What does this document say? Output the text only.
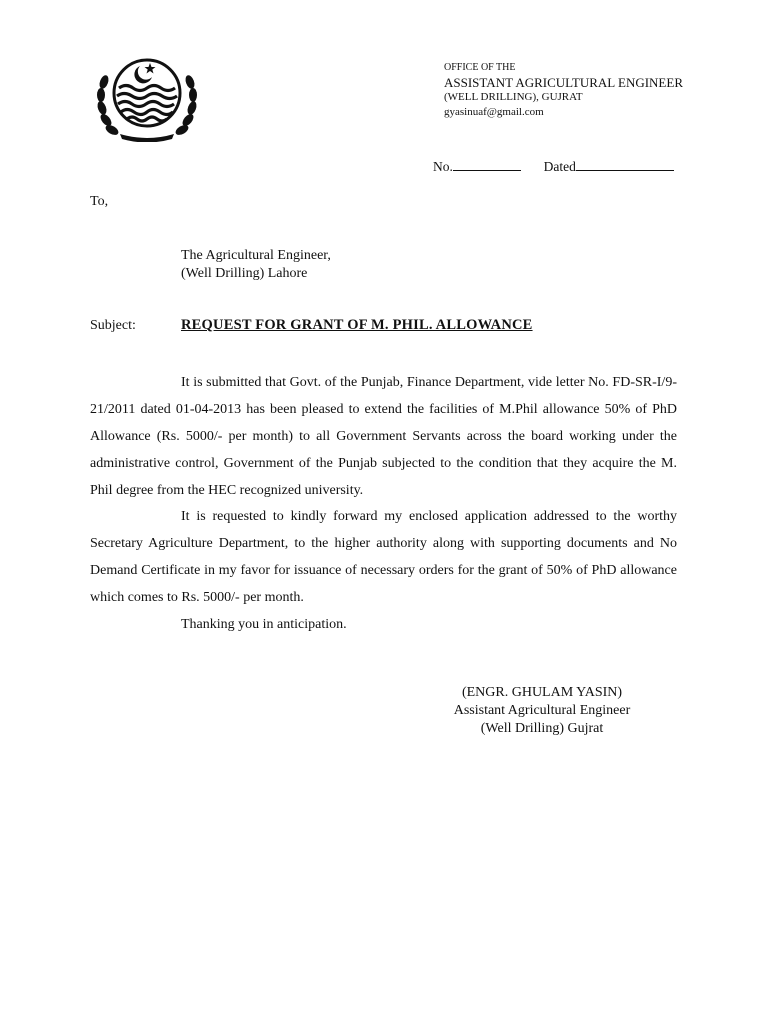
OFFICE OF THE
ASSISTANT AGRICULTURAL ENGINEER
(WELL DRILLING), GUJRAT
gyasinuaf@gmail.com
No.	Dated
To,
The Agricultural Engineer,
(Well Drilling) Lahore
Subject:	REQUEST FOR GRANT OF M. PHIL. ALLOWANCE

It is submitted that Govt. of the Punjab, Finance Department, vide letter No. FD-SR-I/9-21/2011 dated 01-04-2013 has been pleased to extend the facilities of M.Phil allowance 50% of PhD Allowance (Rs. 5000/- per month) to all Government Servants across the board working under the administrative control, Government of the Punjab subjected to the condition that they acquire the M. Phil degree from the HEC recognized university.

It is requested to kindly forward my enclosed application addressed to the worthy Secretary Agriculture Department, to the higher authority along with supporting documents and No Demand Certificate in my favor for issuance of necessary orders for the grant of 50% of PhD allowance which comes to Rs. 5000/- per month.

Thanking you in anticipation.

(ENGR. GHULAM YASIN)
Assistant Agricultural Engineer
(Well Drilling) Gujrat
